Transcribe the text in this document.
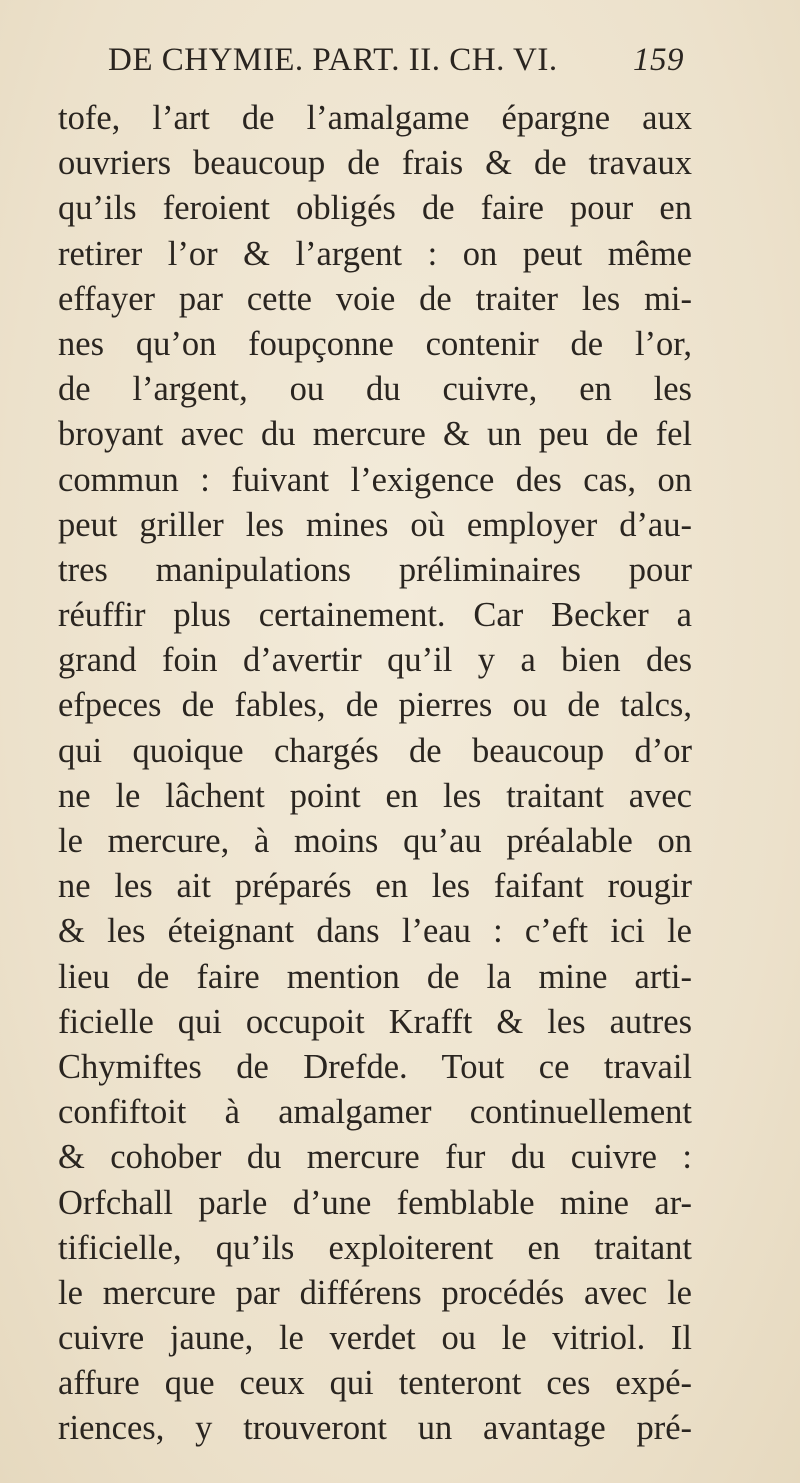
DE CHYMIE. PART. II. CH. VI. 159
tofe, l’art de l’amalgame épargne aux
ouvriers beaucoup de frais & de travaux
qu’ils feroient obligés de faire pour en
retirer l’or & l’argent : on peut même
effayer par cette voie de traiter les mi-
nes qu’on foupçonne contenir de l’or,
de l’argent, ou du cuivre, en les
broyant avec du mercure & un peu de fel
commun : fuivant l’exigence des cas, on
peut griller les mines où employer d’au-
tres manipulations préliminaires pour
réuffir plus certainement. Car Becker a
grand foin d’avertir qu’il y a bien des
efpeces de fables, de pierres ou de talcs,
qui quoique chargés de beaucoup d’or
ne le lâchent point en les traitant avec
le mercure, à moins qu’au préalable on
ne les ait préparés en les faifant rougir
& les éteignant dans l’eau : c’eft ici le
lieu de faire mention de la mine arti-
ficielle qui occupoit Krafft & les autres
Chymiftes de Drefde. Tout ce travail
confiftoit à amalgamer continuellement
& cohober du mercure fur du cuivre :
Orfchall parle d’une femblable mine ar-
tificielle, qu’ils exploiterent en traitant
le mercure par différens procédés avec le
cuivre jaune, le verdet ou le vitriol. Il
affure que ceux qui tenteront ces expé-
riences, y trouveront un avantage pré-
